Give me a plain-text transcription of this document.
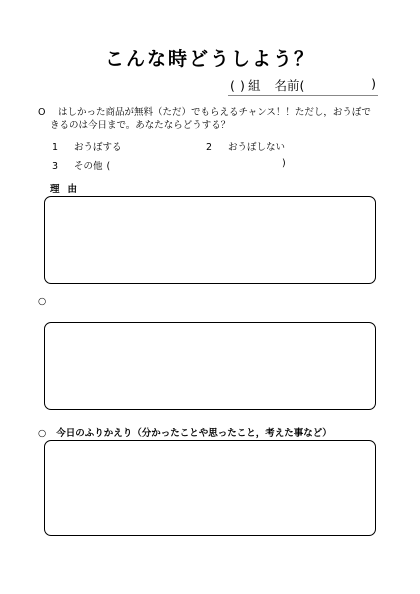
こんな時どうしよう？
( ) 組 名前(	)
O はしかった商品が無料（ただ）でもらえるチャンス！！ただし，おうぼで
きるのは今日まで。あなたならどうする？
1 おうぼする	2 おうぼしない
3 その他 (	)
理由
○
○ 今日のふりかえり（分かったことや思ったこと，考えた事など）
